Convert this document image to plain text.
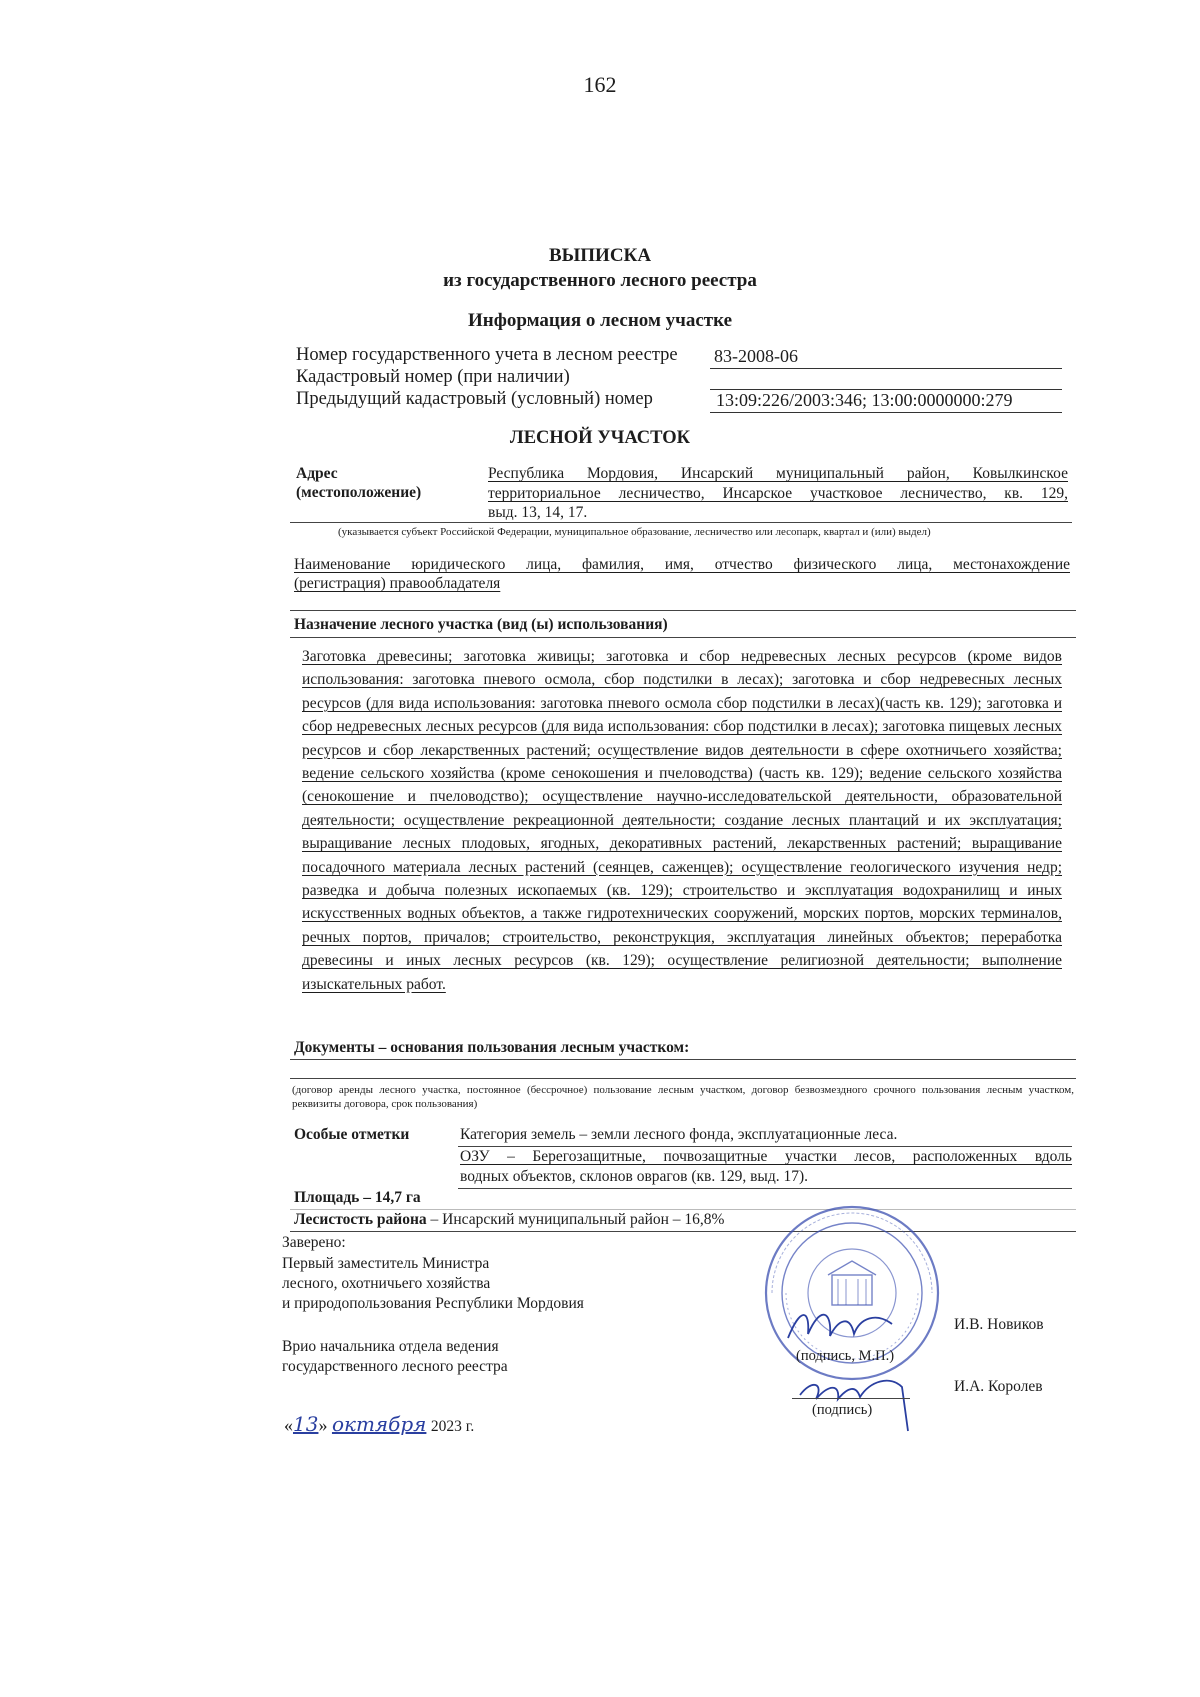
162
ВЫПИСКА
из государственного лесного реестра
Информация о лесном участке
Номер государственного учета в лесном реестре 83-2008-06
Кадастровый номер (при наличии)
Предыдущий кадастровый (условный) номер	13:09:226/2003:346; 13:00:0000000:279
ЛЕСНОЙ УЧАСТОК
Адрес
(местоположение)
Республика Мордовия, Инсарский муниципальный район, Ковылкинское
территориальное лесничество, Инсарское участковое лесничество, кв. 129,
выд. 13, 14, 17.
(указывается субъект Российской Федерации, муниципальное образование, лесничество или лесопарк, квартал и (или) выдел)
Наименование юридического лица, фамилия, имя, отчество физического лица, местонахождение
(регистрация) правообладателя
Назначение лесного участка (вид (ы) использования)
Заготовка древесины; заготовка живицы; заготовка и сбор недревесных лесных ресурсов (кроме видов использования: заготовка пневого осмола, сбор подстилки в лесах); заготовка и сбор недревесных лесных ресурсов (для вида использования: заготовка пневого осмола сбор подстилки в лесах)(часть кв. 129); заготовка и сбор недревесных лесных ресурсов (для вида использования: сбор подстилки в лесах); заготовка пищевых лесных ресурсов и сбор лекарственных растений; осуществление видов деятельности в сфере охотничьего хозяйства; ведение сельского хозяйства (кроме сенокошения и пчеловодства) (часть кв. 129); ведение сельского хозяйства (сенокошение и пчеловодство); осуществление научно-исследовательской деятельности, образовательной деятельности; осуществление рекреационной деятельности; создание лесных плантаций и их эксплуатация; выращивание лесных плодовых, ягодных, декоративных растений, лекарственных растений; выращивание посадочного материала лесных растений (сеянцев, саженцев); осуществление геологического изучения недр; разведка и добыча полезных ископаемых (кв. 129); строительство и эксплуатация водохранилищ и иных искусственных водных объектов, а также гидротехнических сооружений, морских портов, морских терминалов, речных портов, причалов; строительство, реконструкция, эксплуатация линейных объектов; переработка древесины и иных лесных ресурсов (кв. 129); осуществление религиозной деятельности; выполнение изыскательных работ.
Документы – основания пользования лесным участком:
(договор аренды лесного участка, постоянное (бессрочное) пользование лесным участком, договор безвозмездного срочного пользования лесным участком, реквизиты договора, срок пользования)
Особые отметки	Категория земель – земли лесного фонда, эксплуатационные леса.
ОЗУ – Берегозащитные, почвозащитные участки лесов, расположенных вдоль
водных объектов, склонов оврагов (кв. 129, выд. 17).
Площадь – 14,7 га
Лесистость района – Инсарский муниципальный район – 16,8%
Заверено:
Первый заместитель Министра
лесного, охотничьего хозяйства
и природопользования Республики Мордовия
Врио начальника отдела ведения
государственного лесного реестра
(подпись, М.П.)
И.В. Новиков
(подпись)
И.А. Королев
«13» октября 2023 г.
